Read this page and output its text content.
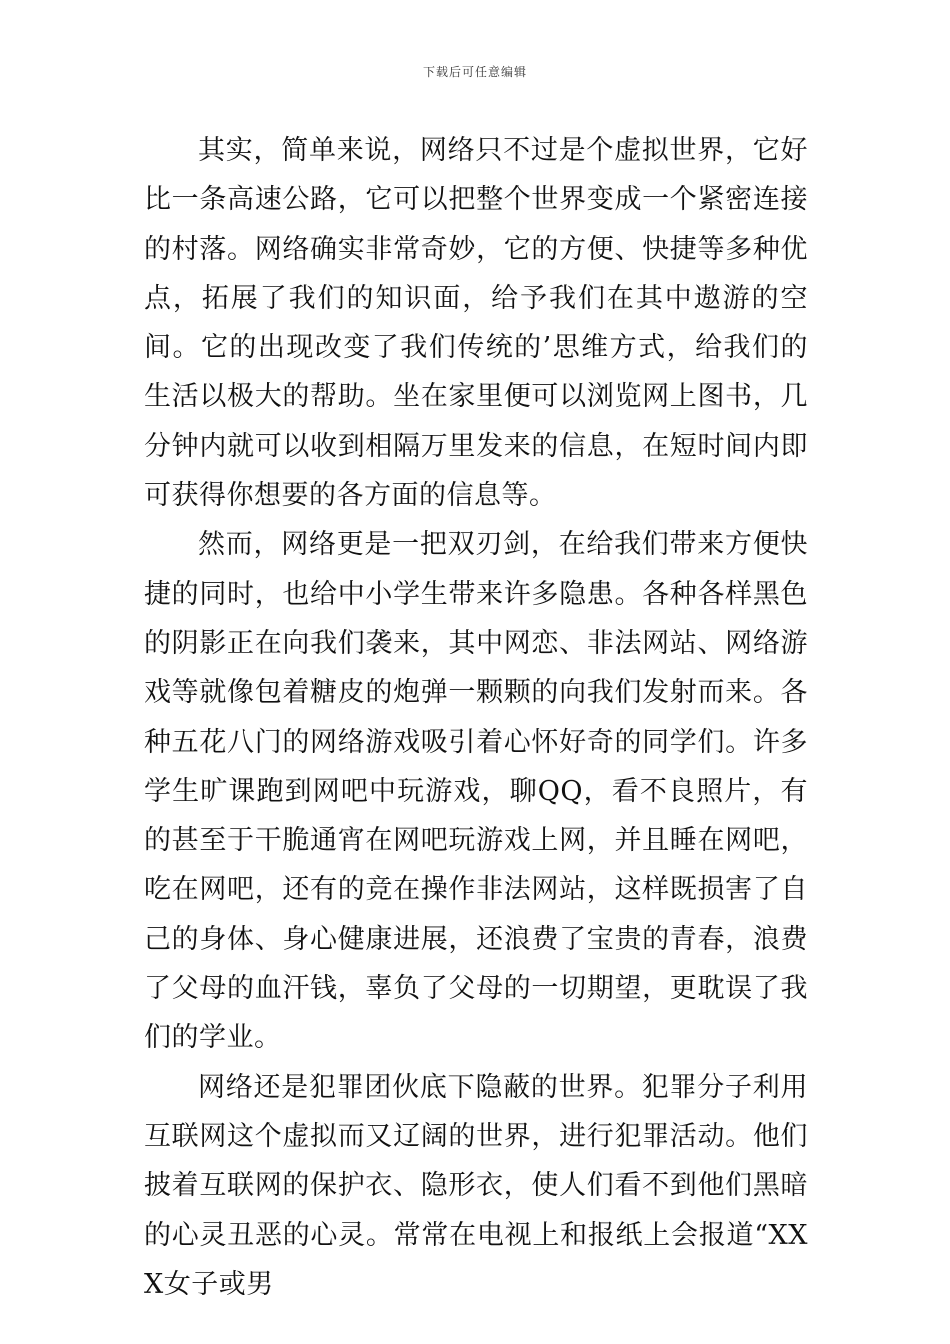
下载后可任意编辑

其实，简单来说，网络只不过是个虚拟世界，它好比一条高速公路，它可以把整个世界变成一个紧密连接的村落。网络确实非常奇妙，它的方便、快捷等多种优点，拓展了我们的知识面，给予我们在其中遨游的空间。它的出现改变了我们传统的’思维方式，给我们的生活以极大的帮助。坐在家里便可以浏览网上图书，几分钟内就可以收到相隔万里发来的信息，在短时间内即可获得你想要的各方面的信息等。

然而，网络更是一把双刃剑，在给我们带来方便快捷的同时，也给中小学生带来许多隐患。各种各样黑色的阴影正在向我们袭来，其中网恋、非法网站、网络游戏等就像包着糖皮的炮弹一颗颗的向我们发射而来。各种五花八门的网络游戏吸引着心怀好奇的同学们。许多学生旷课跑到网吧中玩游戏，聊QQ，看不良照片，有的甚至于干脆通宵在网吧玩游戏上网，并且睡在网吧，吃在网吧，还有的竞在操作非法网站，这样既损害了自己的身体、身心健康进展，还浪费了宝贵的青春，浪费了父母的血汗钱，辜负了父母的一切期望，更耽误了我们的学业。

网络还是犯罪团伙底下隐蔽的世界。犯罪分子利用互联网这个虚拟而又辽阔的世界，进行犯罪活动。他们披着互联网的保护衣、隐形衣，使人们看不到他们黑暗的心灵丑恶的心灵。常常在电视上和报纸上会报道“XXX女子或男
